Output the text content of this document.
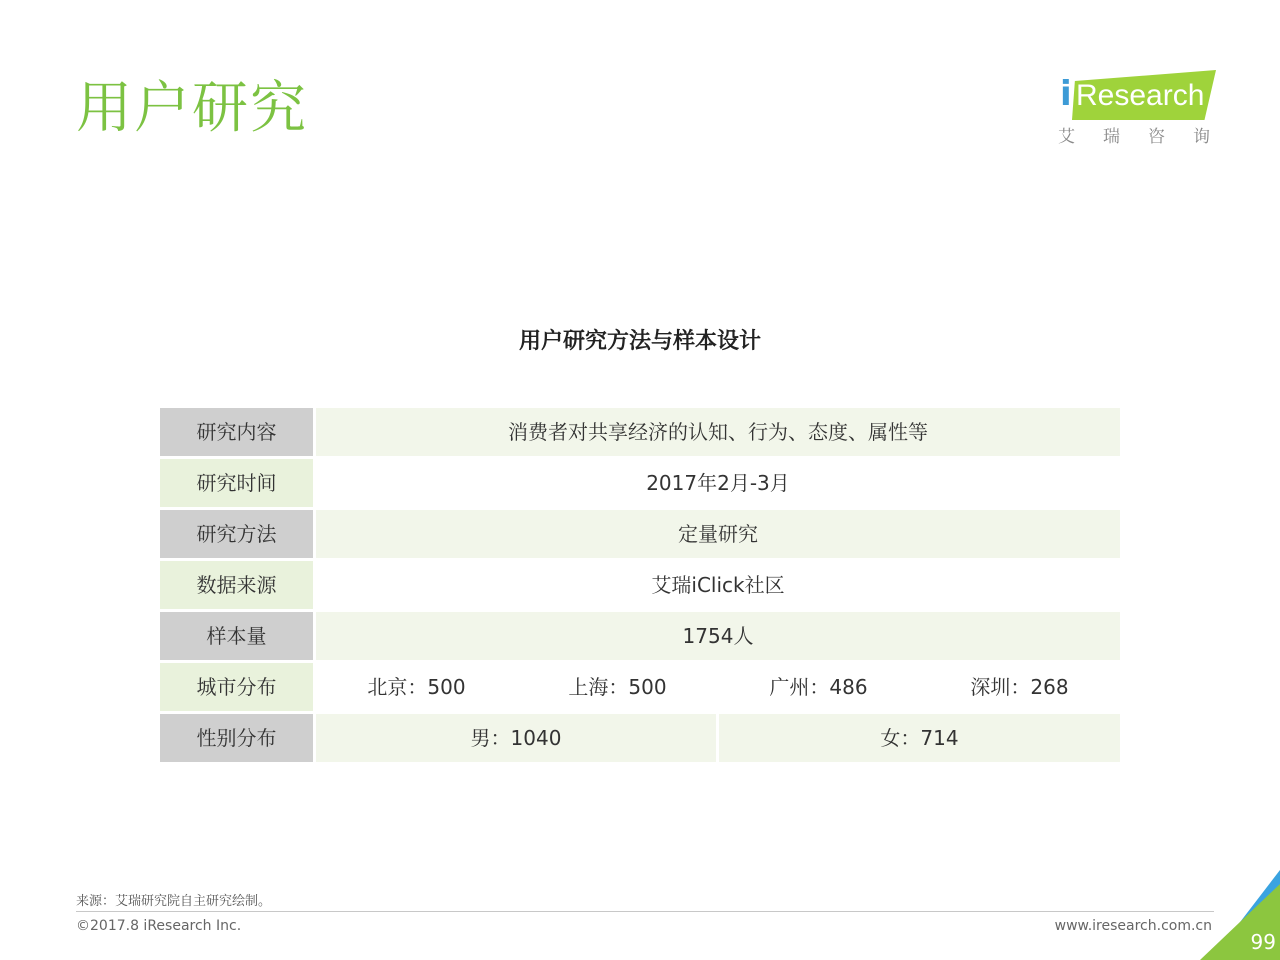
用户研究	i Research
艾瑞咨询
用户研究方法与样本设计
研究内容	消费者对共享经济的认知、行为、态度、属性等
研究时间	2017年2月-3月
研究方法	定量研究
数据来源	艾瑞iClick社区
样本量	1754人
城市分布	北京：500	上海：500	广州：486	深圳：268
性别分布	男：1040	女：714
来源：艾瑞研究院自主研究绘制。
©2017.8 iResearch Inc.	www.iresearch.com.cn
99
